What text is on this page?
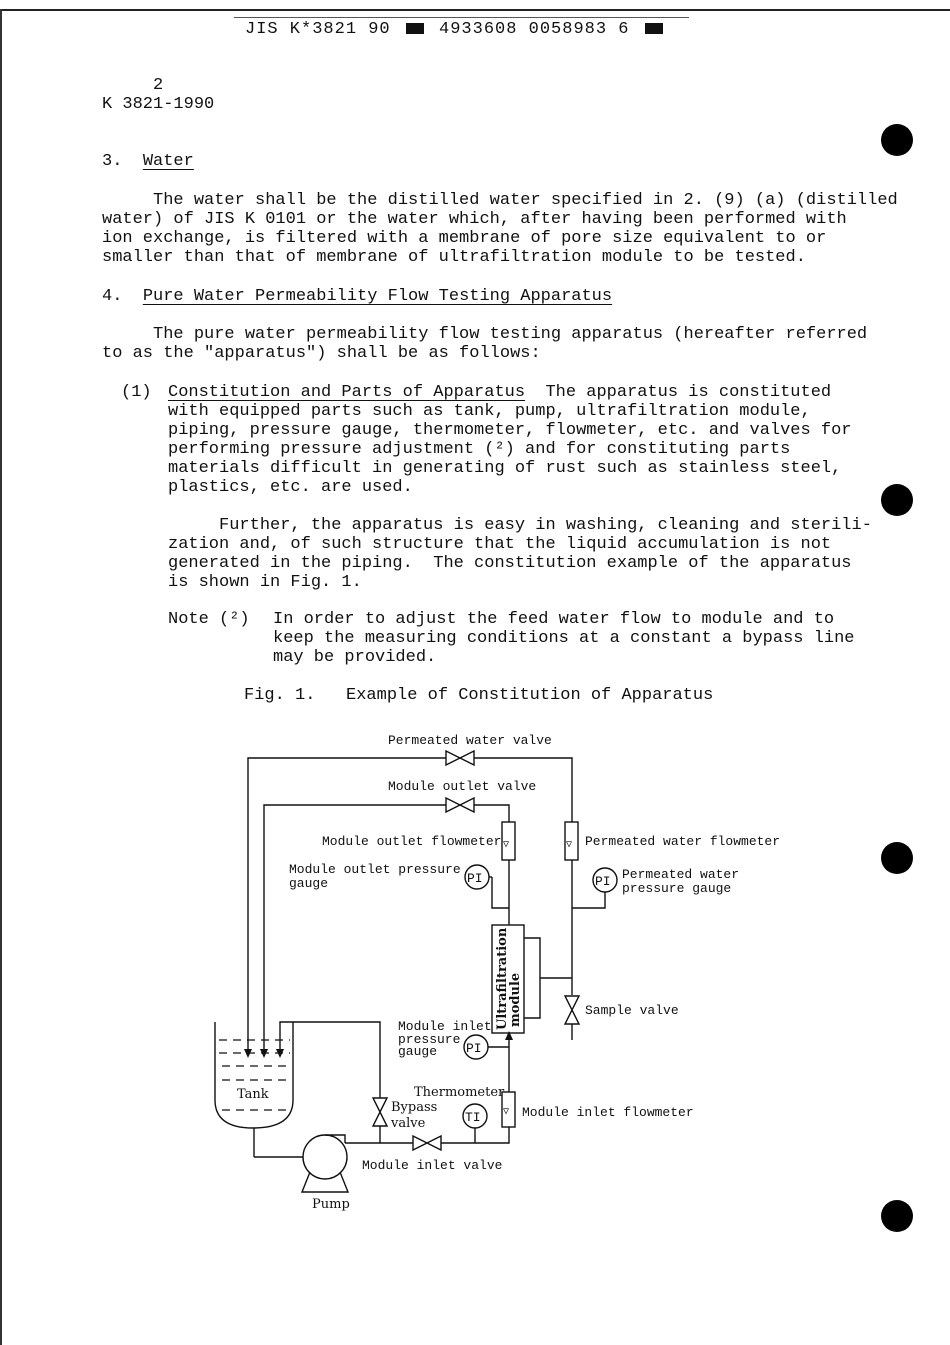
JIS K*3821 90	4933608 0058983 6
2
K 3821-1990
3. Water
The water shall be the distilled water specified in 2. (9) (a) (distilled
water) of JIS K 0101 or the water which, after having been performed with
ion exchange, is filtered with a membrane of pore size equivalent to or
smaller than that of membrane of ultrafiltration module to be tested.
4. Pure Water Permeability Flow Testing Apparatus
The pure water permeability flow testing apparatus (hereafter referred
to as the "apparatus") shall be as follows:
(1) Constitution and Parts of Apparatus  The apparatus is constituted
with equipped parts such as tank, pump, ultrafiltration module,
piping, pressure gauge, thermometer, flowmeter, etc. and valves for
performing pressure adjustment (²) and for constituting parts
materials difficult in generating of rust such as stainless steel,
plastics, etc. are used.
Further, the apparatus is easy in washing, cleaning and sterili-
zation and, of such structure that the liquid accumulation is not
generated in the piping.  The constitution example of the apparatus
is shown in Fig. 1.
Note (²) In order to adjust the feed water flow to module and to
keep the measuring conditions at a constant a bypass line
may be provided.
Fig. 1.   Example of Constitution of Apparatus
Permeated water valve
Module outlet valve
Module outlet flowmeter	Permeated water flowmeter
Module outlet pressure
gauge
Permeated water
pressure gauge
Ultrafiltration
module	Sample valve
Module inlet
pressure
gauge
Thermometer
Bypass
valve
Module inlet flowmeter
Module inlet valve
Tank
Pump
PI	PI
PI
TI
▽	▽
▽
